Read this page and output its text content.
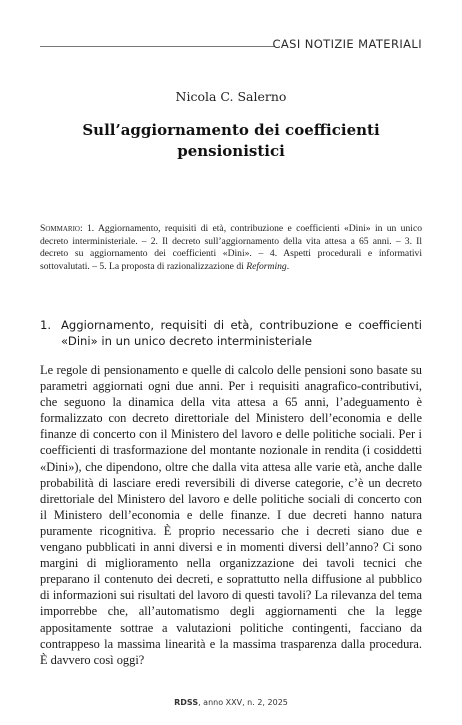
CASI NOTIZIE MATERIALI
Nicola C. Salerno
Sull’aggiornamento dei coefficienti pensionistici
Sommario: 1. Aggiornamento, requisiti di età, contribuzione e coefficienti «Dini» in un unico decreto interministeriale. – 2. Il decreto sull’aggiornamento della vita attesa a 65 anni. – 3. Il decreto su aggiornamento dei coefficienti «Dini». – 4. Aspetti procedurali e informativi sottovalutati. – 5. La proposta di razionalizzazione di Reforming.
1. Aggiornamento, requisiti di età, contribuzione e coefficienti «Dini» in un unico decreto interministeriale

Le regole di pensionamento e quelle di calcolo delle pensioni sono basate su parametri aggiornati ogni due anni. Per i requisiti anagrafico-contributivi, che seguono la dinamica della vita attesa a 65 anni, l’adeguamento è formalizzato con decreto direttoriale del Ministero dell’economia e delle finanze di concerto con il Ministero del lavoro e delle politiche sociali. Per i coefficienti di trasformazione del montante nozionale in rendita (i cosiddetti «Dini»), che dipendono, oltre che dalla vita attesa alle varie età, anche dalle probabilità di lasciare eredi reversibili di diverse categorie, c’è un decreto direttoriale del Ministero del lavoro e delle politiche sociali di concerto con il Ministero dell’economia e delle finanze. I due decreti hanno natura puramente ricognitiva. È proprio necessario che i decreti siano due e vengano pubblicati in anni diversi e in momenti diversi dell’anno? Ci sono margini di miglioramento nella organizzazione dei tavoli tecnici che preparano il contenuto dei decreti, e soprattutto nella diffusione al pubblico di informazioni sui risultati del lavoro di questi tavoli? La rilevanza del tema imporrebbe che, all’automatismo degli aggiornamenti che la legge appositamente sottrae a valutazioni politiche contingenti, facciano da contrappeso la massima linearità e la massima trasparenza dalla procedura. È davvero così oggi?

RDSS, anno XXV, n. 2, 2025
